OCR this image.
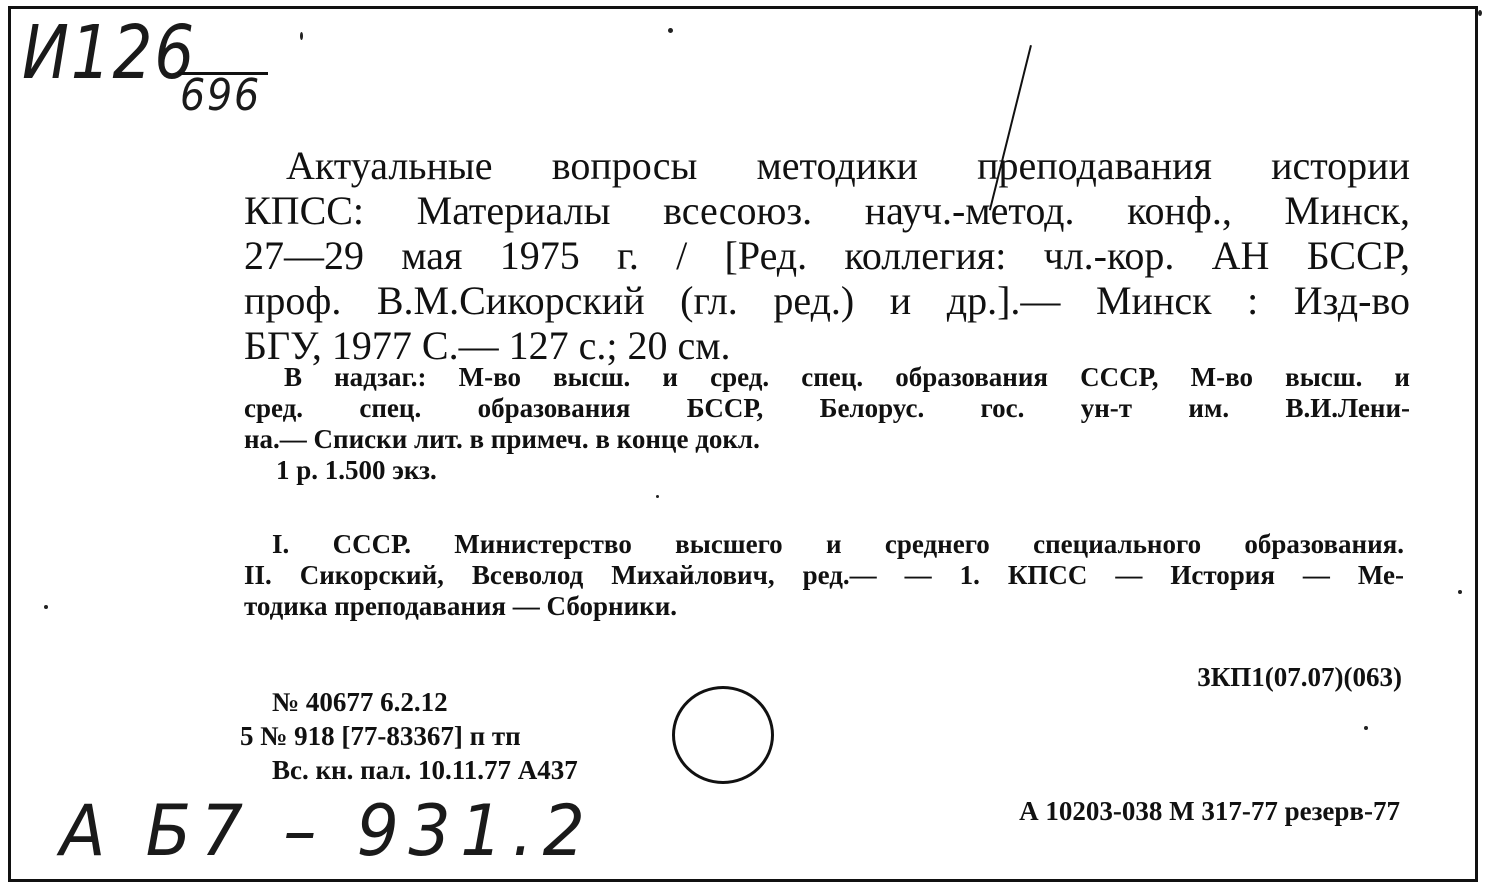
И126
696
Актуальные вопросы методики преподавания истории
КПСС: Материалы всесоюз. науч.-метод. конф., Минск,
27—29 мая 1975 г. / [Ред. коллегия: чл.-кор. АН БССР,
проф. В.М.Сикорский (гл. ред.) и др.].— Минск : Изд-во
БГУ, 1977 С.— 127 с.; 20 см.
В надзаг.: М-во высш. и сред. спец. образования СССР, М-во высш. и
сред. спец. образования БССР, Белорус. гос. ун-т им. В.И.Лени-
на.— Списки лит. в примеч. в конце докл.
1 р. 1.500 экз.
I. СССР. Министерство высшего и среднего специального образования.
II. Сикорский, Всеволод Михайлович, ред.— — 1. КПСС — История — Ме-
тодика преподавания — Сборники.
3КП1(07.07)(063)
№ 40677 6.2.12
5 № 918 [77-83367] п тп
Вс. кн. пал. 10.11.77 А437
А 10203-038 М 317-77 резерв-77
А Б7 – 931.2
